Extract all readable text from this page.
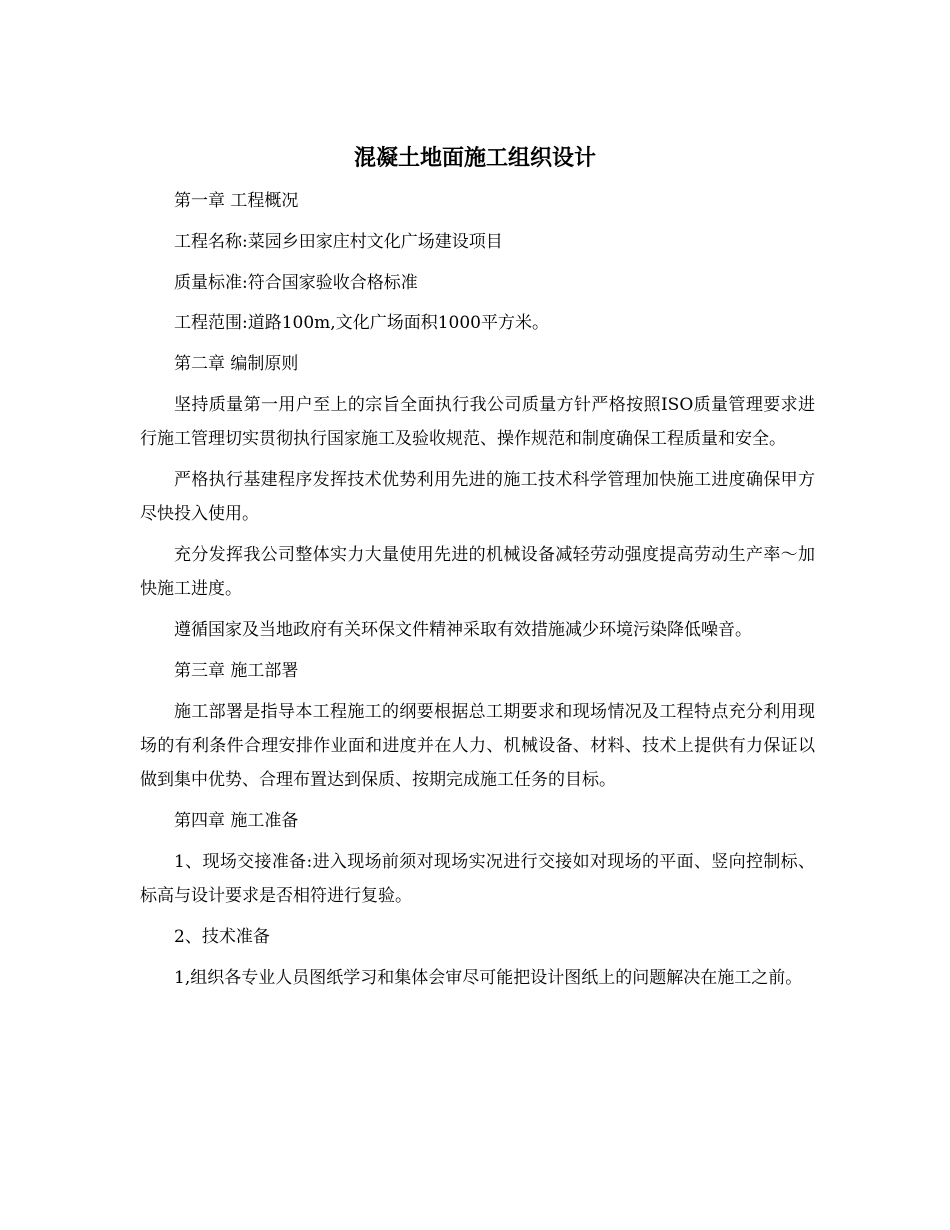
混凝土地面施工组织设计

第一章 工程概况

工程名称:菜园乡田家庄村文化广场建设项目

质量标准:符合国家验收合格标准

工程范围:道路100m,文化广场面积1000平方米。

第二章 编制原则

坚持质量第一用户至上的宗旨全面执行我公司质量方针严格按照ISO质量管理要求进行施工管理切实贯彻执行国家施工及验收规范、操作规范和制度确保工程质量和安全。

严格执行基建程序发挥技术优势利用先进的施工技术科学管理加快施工进度确保甲方尽快投入使用。

充分发挥我公司整体实力大量使用先进的机械设备减轻劳动强度提高劳动生产率～加快施工进度。

遵循国家及当地政府有关环保文件精神采取有效措施减少环境污染降低噪音。

第三章 施工部署

施工部署是指导本工程施工的纲要根据总工期要求和现场情况及工程特点充分利用现场的有利条件合理安排作业面和进度并在人力、机械设备、材料、技术上提供有力保证以做到集中优势、合理布置达到保质、按期完成施工任务的目标。

第四章 施工准备

1、现场交接准备:进入现场前须对现场实况进行交接如对现场的平面、竖向控制标、标高与设计要求是否相符进行复验。

2、技术准备

1,组织各专业人员图纸学习和集体会审尽可能把设计图纸上的问题解决在施工之前。
